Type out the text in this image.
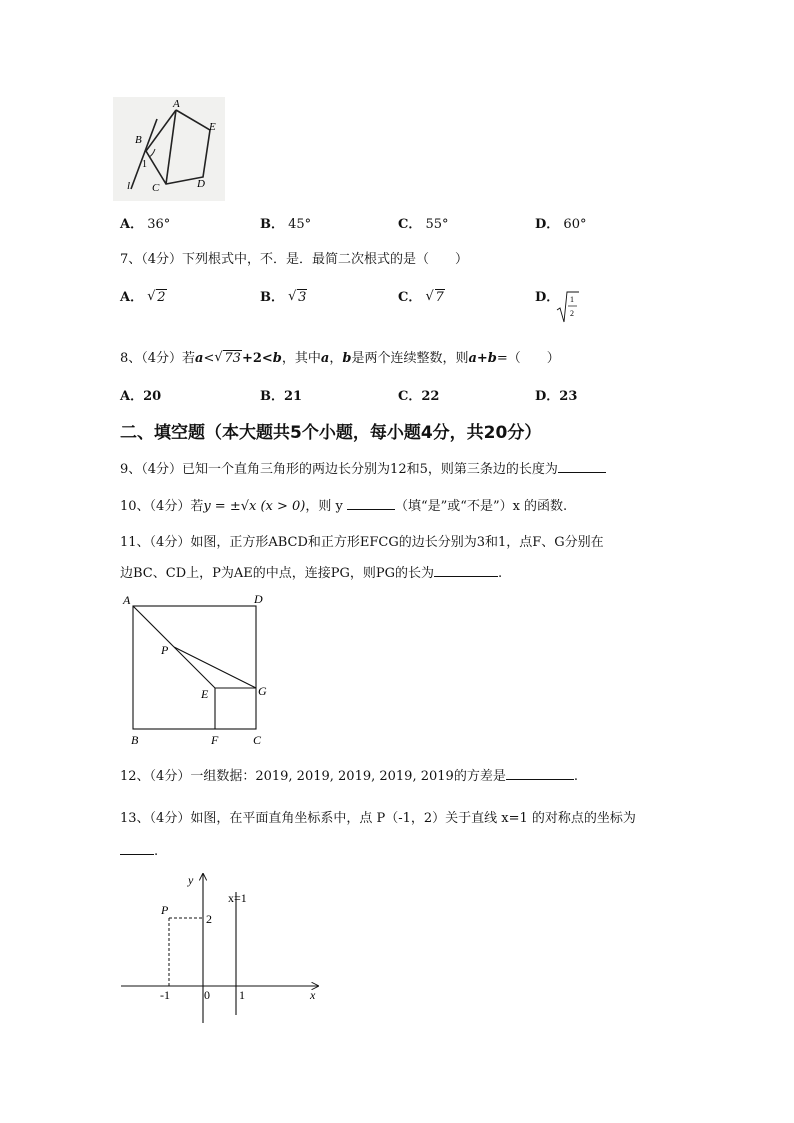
A
B
E
D
C
1
l
A． 36°	B． 45°	C． 55°	D． 60°
7、（4分）下列根式中，不．是．最简二次根式的是（　　）
A． √ 2	B． √ 3	C． √ 7	D． 1
2
8、（4分）若a< √ 73+2<b，其中a，b是两个连续整数，则a+b=（　　）
A．20	B．21	C．22	D．23
二、填空题（本大题共5个小题，每小题4分，共20分）
9、（4分）已知一个直角三角形的两边长分别为12和5，则第三条边的长度为
10、（4分）若y = ±√x (x > 0)，则 y	（填“是”或“不是”）x 的函数.
11、（4分）如图，正方形ABCD和正方形EFCG的边长分别为3和1，点F、G分别在
边BC、CD上，P为AE的中点，连接PG，则PG的长为	.
A	D
P
E	G
B	F	C
12、（4分）一组数据：2019, 2019, 2019, 2019, 2019的方差是	.
13、（4分）如图，在平面直角坐标系中，点 P（-1，2）关于直线 x=1 的对称点的坐标为
.
y
x=1
P
2
-1	0 1	x
